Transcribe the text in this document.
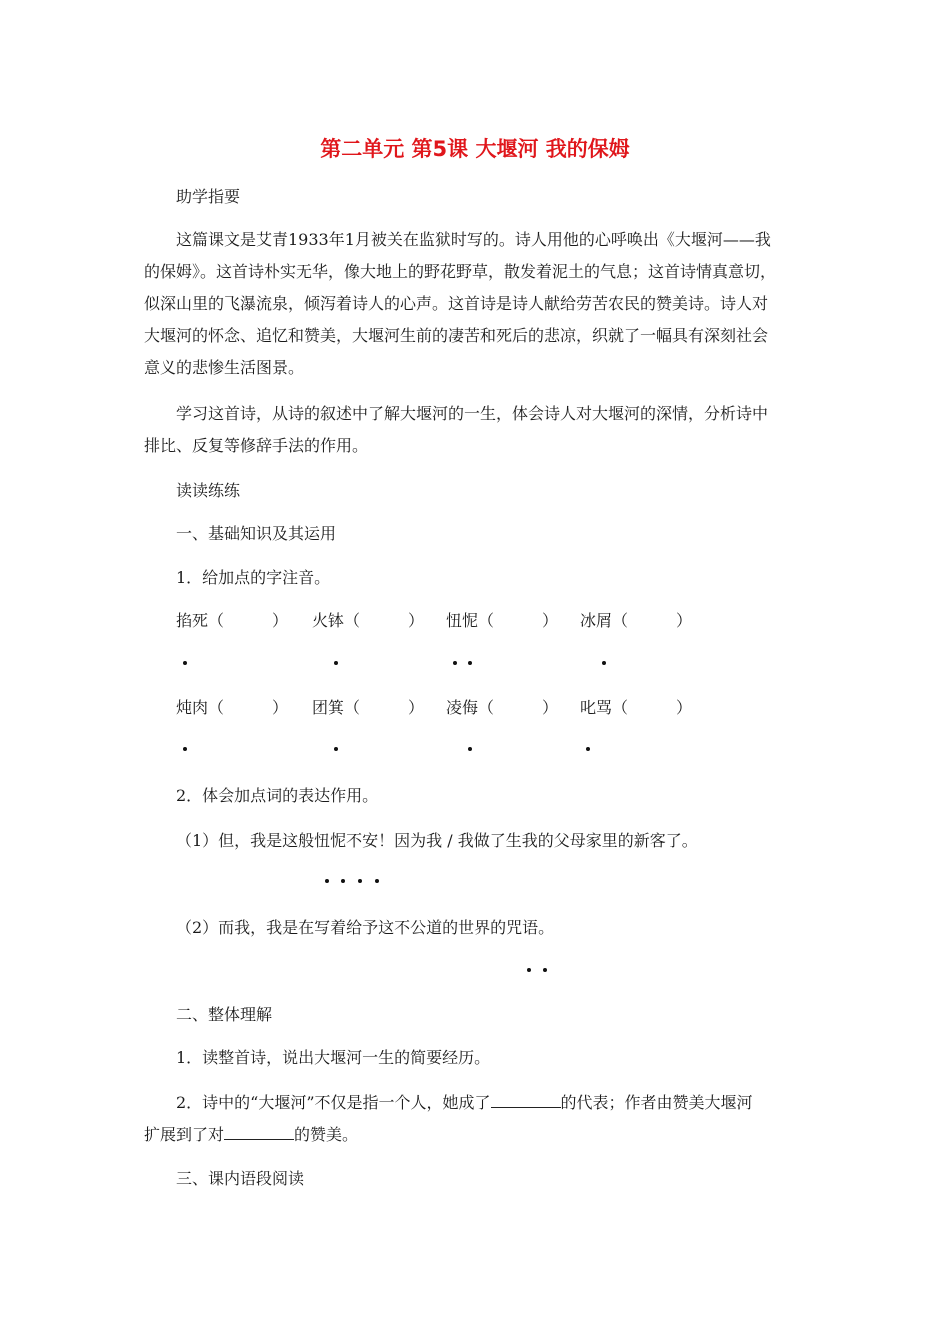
第二单元 第5课 大堰河 我的保姆
助学指要
这篇课文是艾青1933年1月被关在监狱时写的。诗人用他的心呼唤出《大堰河——我
的保姆》。这首诗朴实无华，像大地上的野花野草，散发着泥土的气息；这首诗情真意切，
似深山里的飞瀑流泉，倾泻着诗人的心声。这首诗是诗人献给劳苦农民的赞美诗。诗人对
大堰河的怀念、追忆和赞美，大堰河生前的凄苦和死后的悲凉，织就了一幅具有深刻社会
意义的悲惨生活图景。
学习这首诗，从诗的叙述中了解大堰河的一生，体会诗人对大堰河的深情，分析诗中
排比、反复等修辞手法的作用。
读读练练
一、基础知识及其运用
1．给加点的字注音。
掐死（　　　） 火钵（　　　） 忸怩（　　　） 冰屑（　　　）
炖肉（　　　） 团箕（　　　） 凌侮（　　　） 叱骂（　　　）
2．体会加点词的表达作用。
（1）但，我是这般忸怩不安！因为我 / 我做了生我的父母家里的新客了。
（2）而我，我是在写着给予这不公道的世界的咒语。
二、整体理解
1．读整首诗，说出大堰河一生的简要经历。
2．诗中的“大堰河”不仅是指一个人，她成了	的代表；作者由赞美大堰河
扩展到了对	的赞美。
三、课内语段阅读
